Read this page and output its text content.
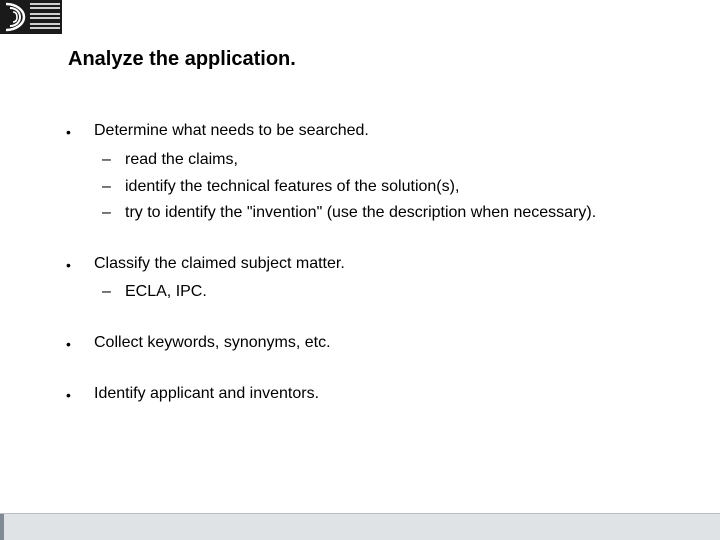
Analyze the application.
• Determine what needs to be searched.
– read the claims,
– identify the technical features of the solution(s),
– try to identify the "invention" (use the description when necessary).
• Classify the claimed subject matter.
– ECLA, IPC.
• Collect keywords, synonyms, etc.
• Identify applicant and inventors.
